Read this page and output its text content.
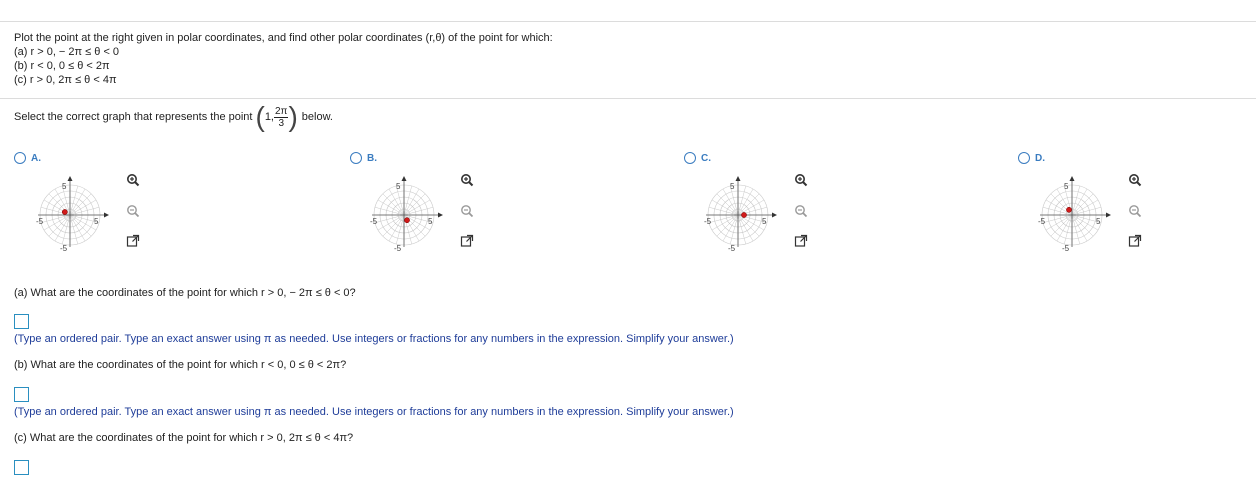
Plot the point at the right given in polar coordinates, and find other polar coordinates (r,θ) of the point for which:
(a) r > 0, − 2π ≤ θ < 0
(b) r < 0, 0 ≤ θ < 2π
(c) r > 0, 2π ≤ θ < 4π
Select the correct graph that represents the point ( 1, $\frac{2\pi}{3}$ ) below.
A.
5
-5
-5	5
B.
5
-5
-5	5
C.
5
-5
-5	5
D.
5
-5
-5	5
(a) What are the coordinates of the point for which r > 0, − 2π ≤ θ < 0?
(Type an ordered pair. Type an exact answer using π as needed. Use integers or fractions for any numbers in the expression. Simplify your answer.)
(b) What are the coordinates of the point for which r < 0, 0 ≤ θ < 2π?
(Type an ordered pair. Type an exact answer using π as needed. Use integers or fractions for any numbers in the expression. Simplify your answer.)
(c) What are the coordinates of the point for which r > 0, 2π ≤ θ < 4π?
